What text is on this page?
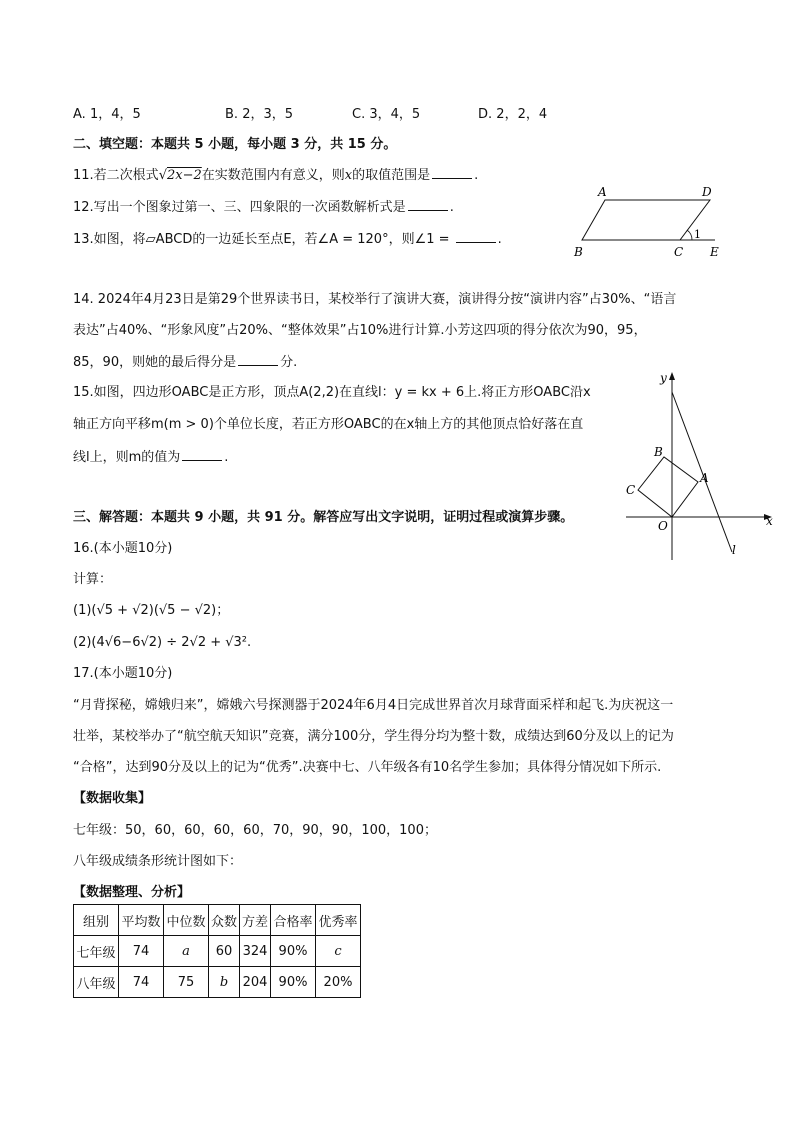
A. 1，4，5	B. 2，3，5	C. 3，4，5	D. 2，2，4
二、填空题：本题共 5 小题，每小题 3 分，共 15 分。
11.若二次根式√2x−2在实数范围内有意义，则x的取值范围是	.
12.写出一个图象过第一、三、四象限的一次函数解析式是	.
13.如图，将▱ABCD的一边延长至点E，若∠A = 120°，则∠1 =	.
A	D
B	C E
1
14. 2024年4月23日是第29个世界读书日，某校举行了演讲大赛，演讲得分按“演讲内容”占30%、“语言
表达”占40%、“形象风度”占20%、“整体效果”占10%进行计算.小芳这四项的得分依次为90，95，
85，90，则她的最后得分是	分.
15.如图，四边形OABC是正方形，顶点A(2,2)在直线l：y = kx + 6上.将正方形OABC沿x
轴正方向平移m(m > 0)个单位长度，若正方形OABC的在x轴上方的其他顶点恰好落在直
线l上，则m的值为	.
y
x
B
A
C
O
l
三、解答题：本题共 9 小题，共 91 分。解答应写出文字说明，证明过程或演算步骤。
16.(本小题10分)
计算：
(1)(√5 + √2)(√5 − √2)；
(2)(4√6−6√2) ÷ 2√2 + √3².
17.(本小题10分)
“月背探秘，嫦娥归来”，嫦娥六号探测器于2024年6月4日完成世界首次月球背面采样和起飞.为庆祝这一
壮举，某校举办了“航空航天知识”竞赛，满分100分，学生得分均为整十数，成绩达到60分及以上的记为
“合格”，达到90分及以上的记为“优秀”.决赛中七、八年级各有10名学生参加；具体得分情况如下所示.
【数据收集】
七年级：50，60，60，60，60，70，90，90，100，100；
八年级成绩条形统计图如下：
【数据整理、分析】
组别	平均数	中位数	众数	方差	合格率	优秀率
七年级	74	a	60	324	90%	c
八年级	74	75	b	204	90%	20%
